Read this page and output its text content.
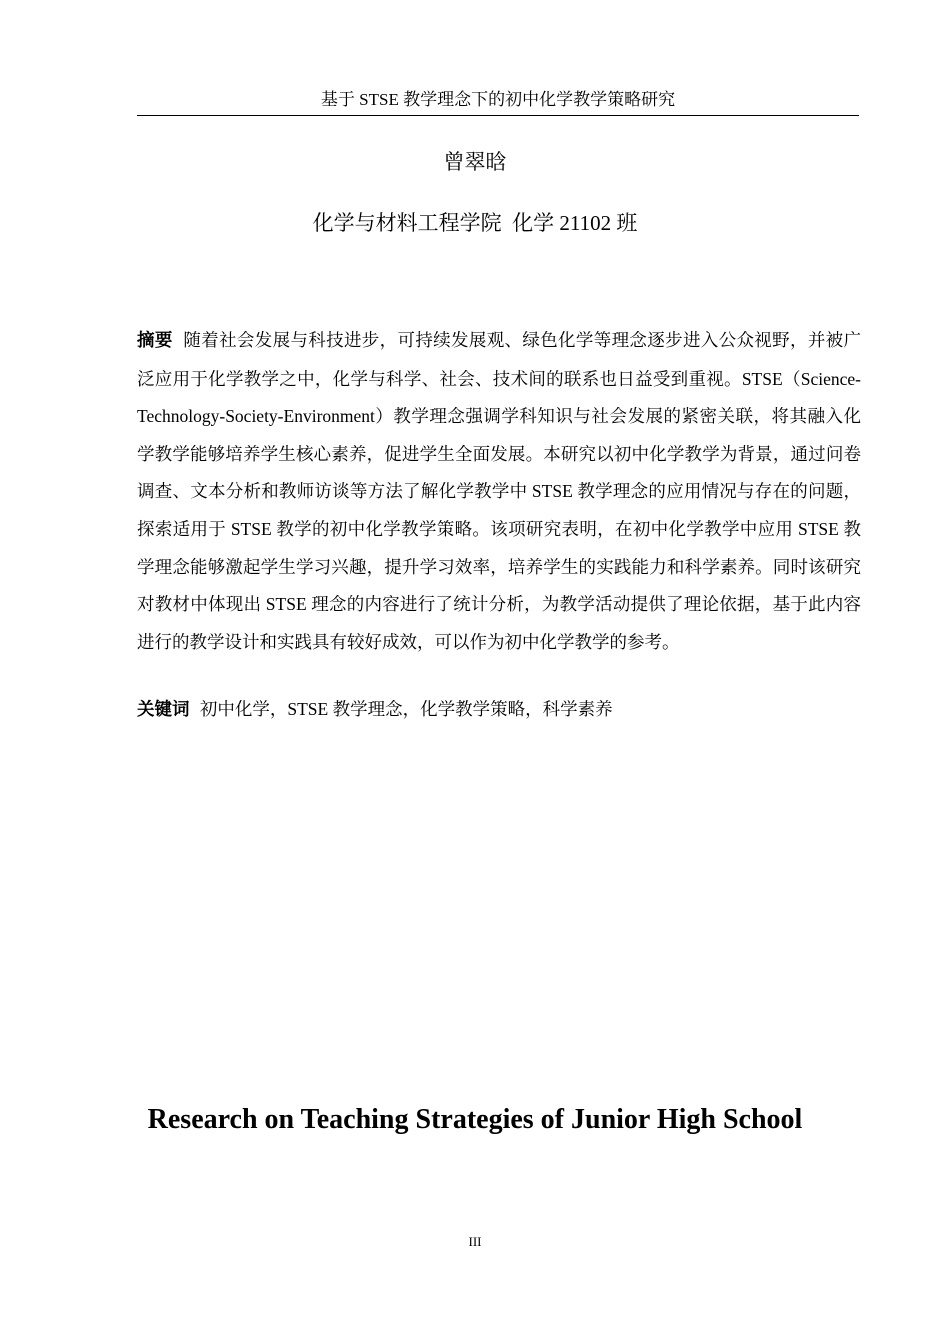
基于 STSE 教学理念下的初中化学教学策略研究
曾翠晗
化学与材料工程学院  化学 21102 班
摘要 随着社会发展与科技进步，可持续发展观、绿色化学等理念逐步进入公众视野，并被广泛应用于化学教学之中，化学与科学、社会、技术间的联系也日益受到重视。STSE（Science-Technology-Society-Environment）教学理念强调学科知识与社会发展的紧密关联，将其融入化学教学能够培养学生核心素养，促进学生全面发展。本研究以初中化学教学为背景，通过问卷调查、文本分析和教师访谈等方法了解化学教学中 STSE 教学理念的应用情况与存在的问题，探索适用于 STSE 教学的初中化学教学策略。该项研究表明，在初中化学教学中应用 STSE 教学理念能够激起学生学习兴趣，提升学习效率，培养学生的实践能力和科学素养。同时该研究对教材中体现出 STSE 理念的内容进行了统计分析，为教学活动提供了理论依据，基于此内容进行的教学设计和实践具有较好成效，可以作为初中化学教学的参考。
关键词 初中化学，STSE 教学理念，化学教学策略，科学素养
Research on Teaching Strategies of Junior High School
III
